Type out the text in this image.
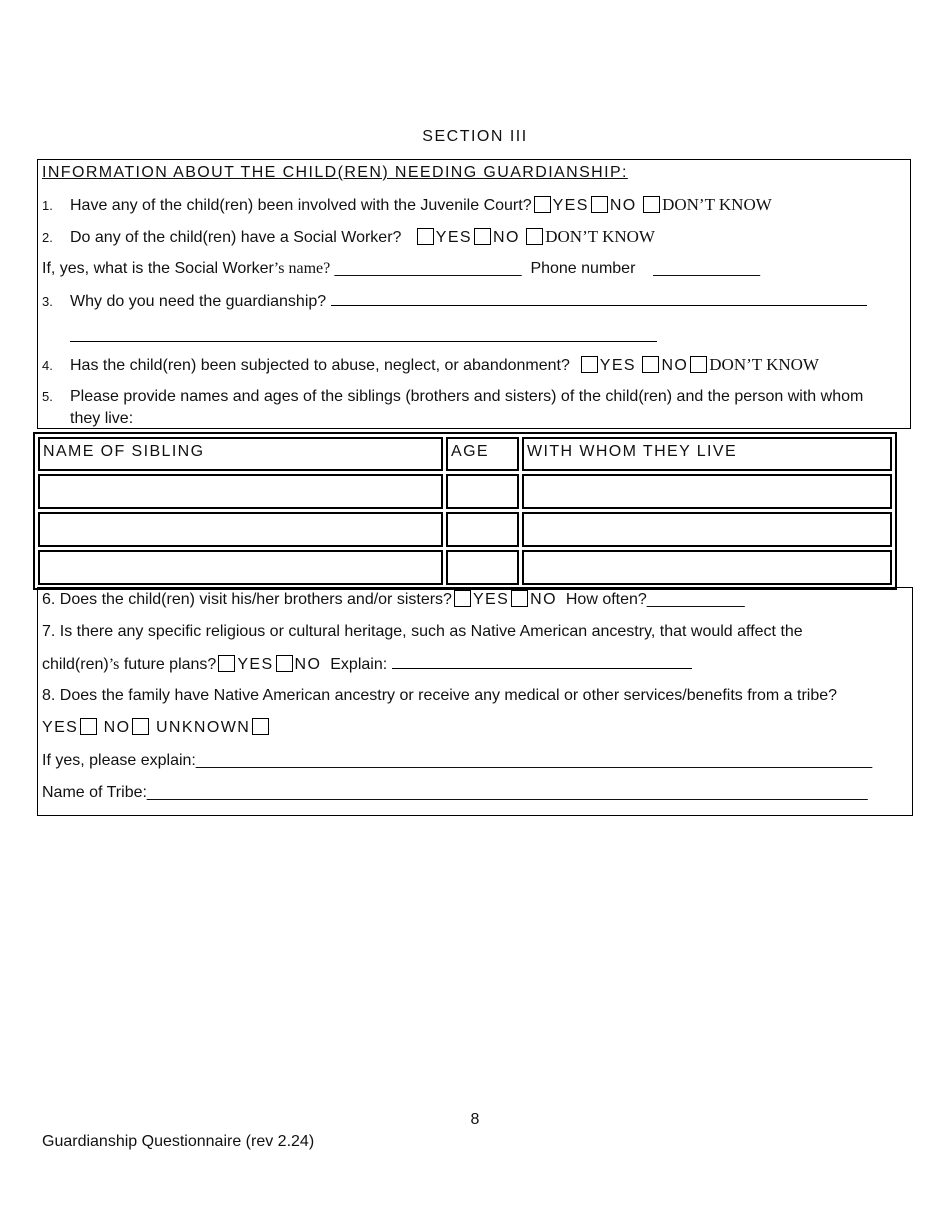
SECTION III
INFORMATION ABOUT THE CHILD(REN) NEEDING GUARDIANSHIP:
1. Have any of the child(ren) been involved with the Juvenile Court? YES NO DON’T KNOW
2. Do any of the child(ren) have a Social Worker? YES NO DON’T KNOW
If, yes, what is the Social Worker’s name? _____________________ Phone number ____________
3. Why do you need the guardianship?
4. Has the child(ren) been subjected to abuse, neglect, or abandonment? YES NO DON’T KNOW
5. Please provide names and ages of the siblings (brothers and sisters) of the child(ren) and the person with whom
they live:
NAME OF SIBLING	AGE	WITH WHOM THEY LIVE

6. Does the child(ren) visit his/her brothers and/or sisters? YES NO How often?___________
7. Is there any specific religious or cultural heritage, such as Native American ancestry, that would affect the
child(ren)’s future plans? YES NO Explain:
8. Does the family have Native American ancestry or receive any medical or other services/benefits from a tribe?
YES NO UNKNOWN
If yes, please explain:____________________________________________________________________________
Name of Tribe:_________________________________________________________________________________
8
Guardianship Questionnaire (rev 2.24)
